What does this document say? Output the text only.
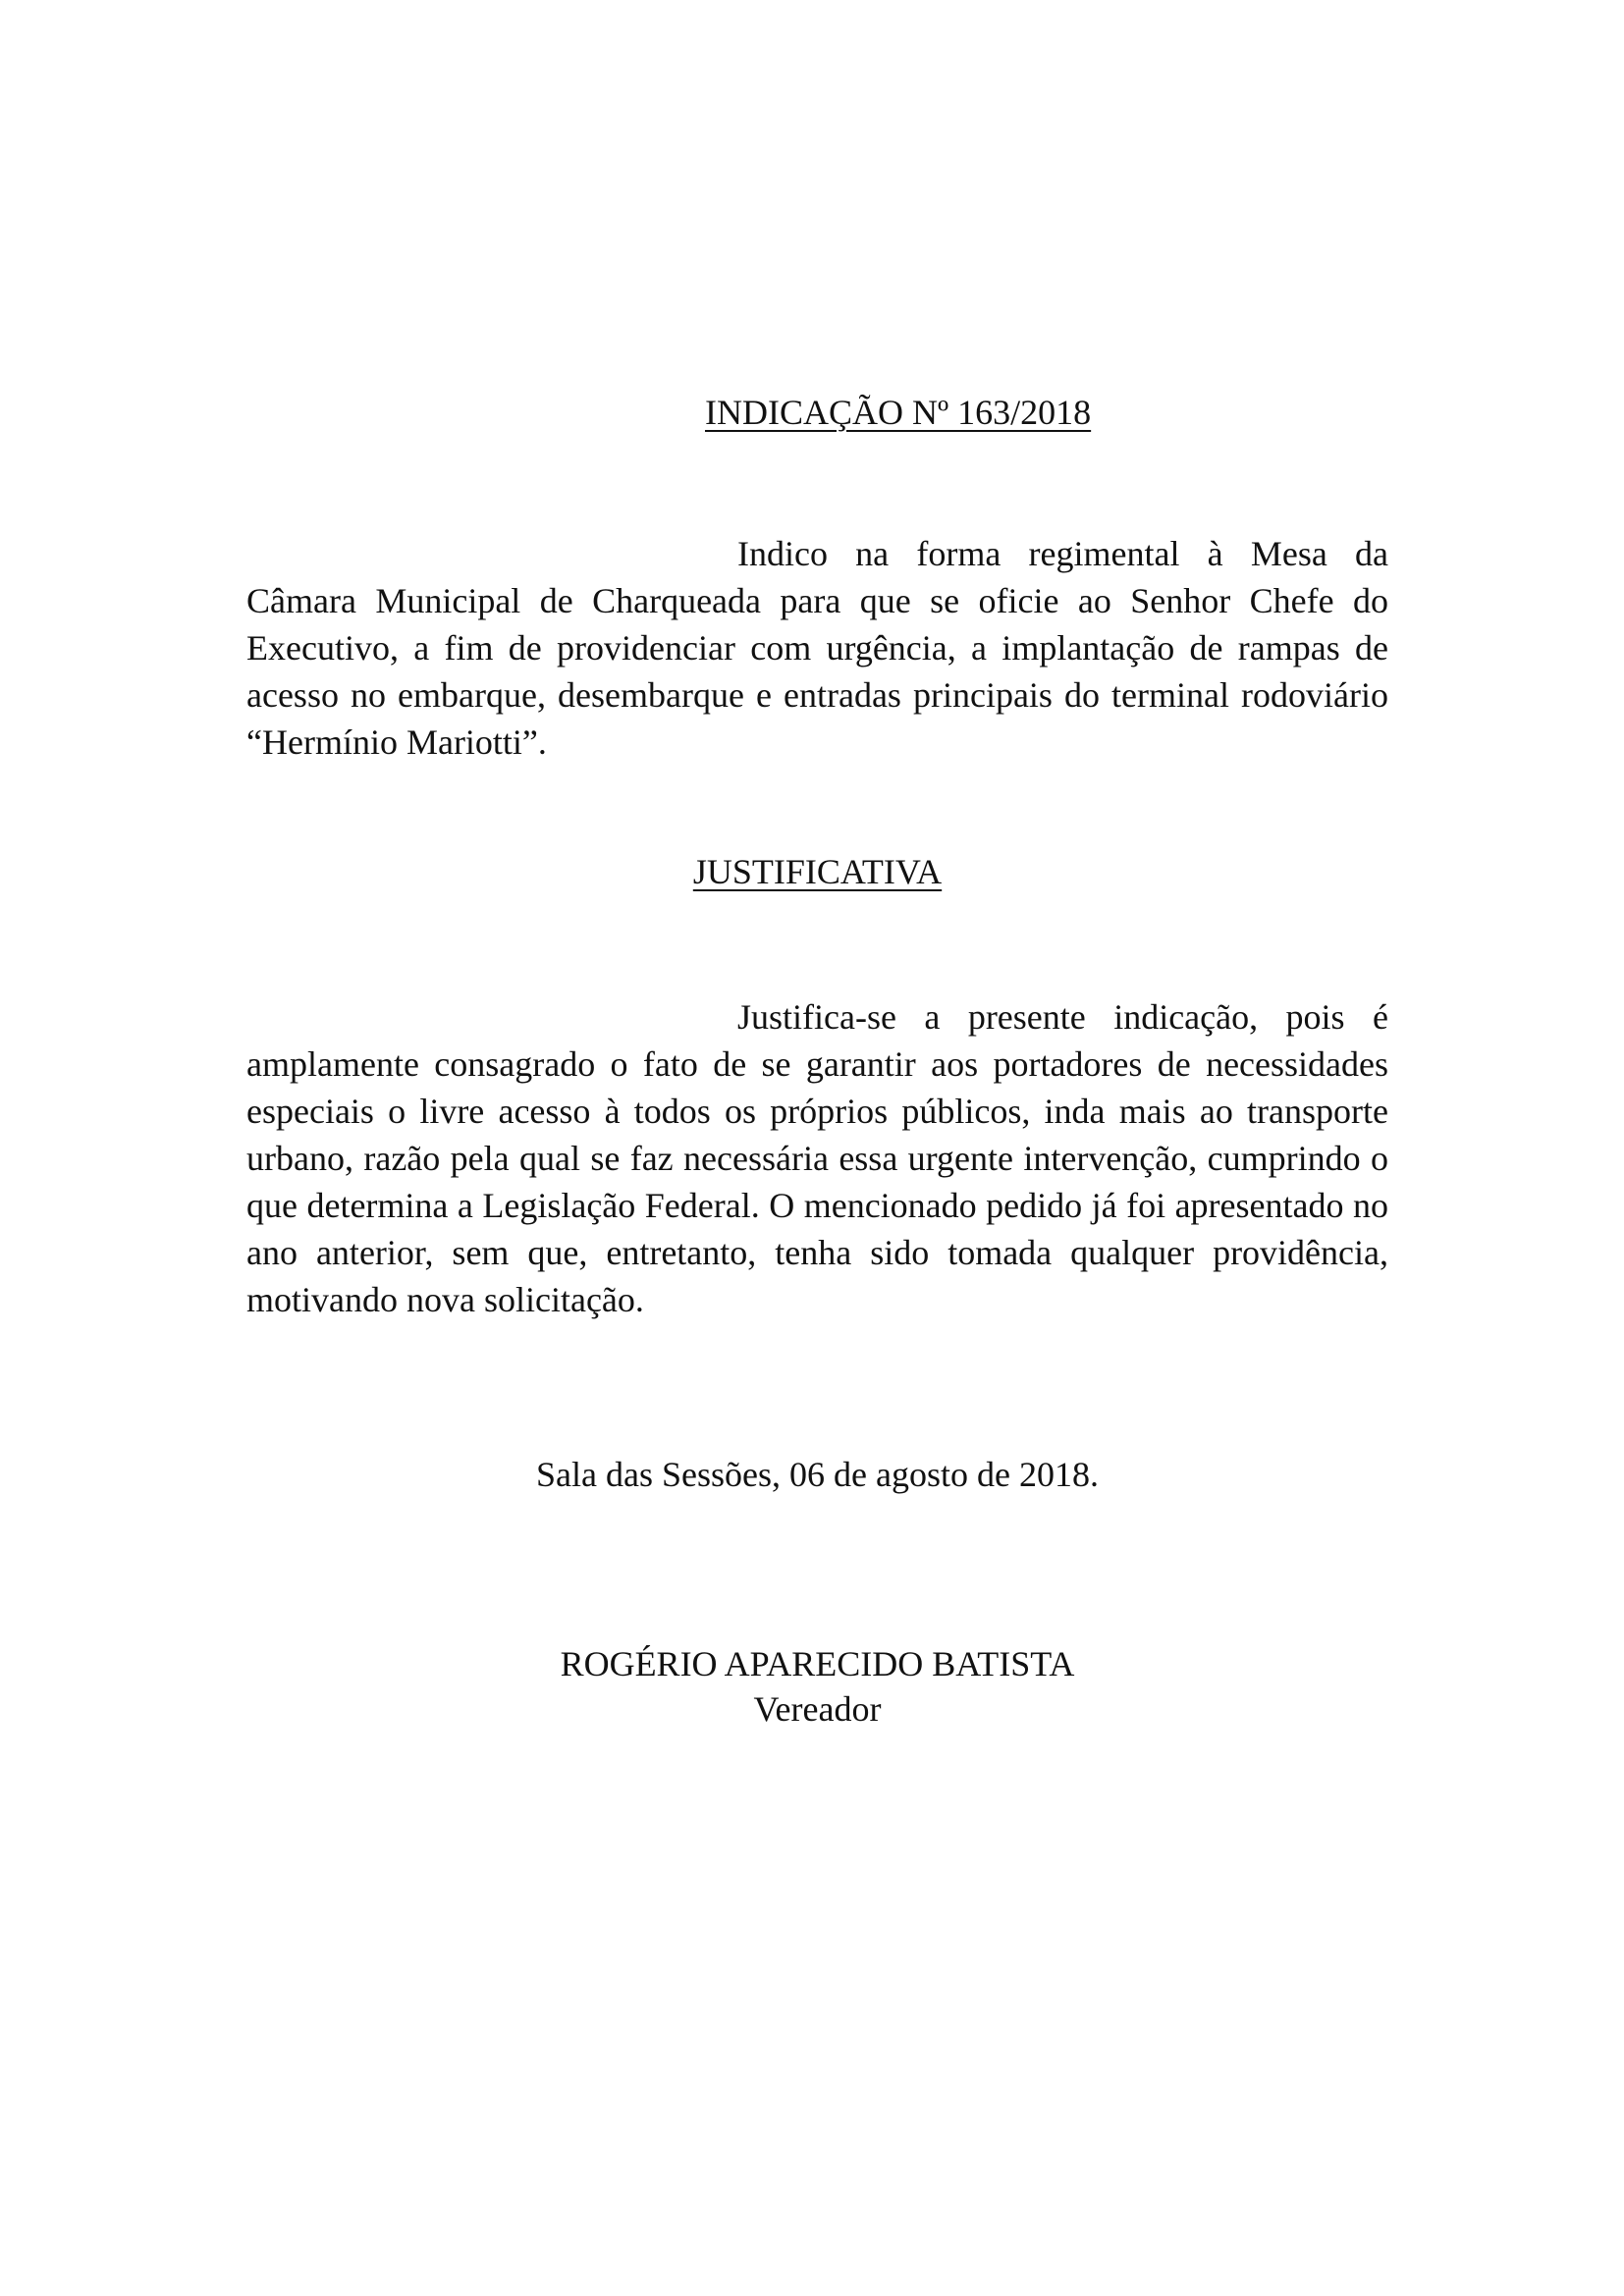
INDICAÇÃO Nº 163/2018

Indico na forma regimental à Mesa da Câmara Municipal de Charqueada para que se oficie ao Senhor Chefe do Executivo, a fim de providenciar com urgência, a implantação de rampas de acesso no embarque, desembarque e entradas principais do terminal rodoviário “Hermínio Mariotti”.

JUSTIFICATIVA

Justifica-se a presente indicação, pois é amplamente consagrado o fato de se garantir aos portadores de necessidades especiais o livre acesso à todos os próprios públicos, inda mais ao transporte urbano, razão pela qual se faz necessária essa urgente intervenção, cumprindo o que determina a Legislação Federal. O mencionado pedido já foi apresentado no ano anterior, sem que, entretanto, tenha sido tomada qualquer providência, motivando nova solicitação.

Sala das Sessões, 06 de agosto de 2018.

ROGÉRIO APARECIDO BATISTA
Vereador
